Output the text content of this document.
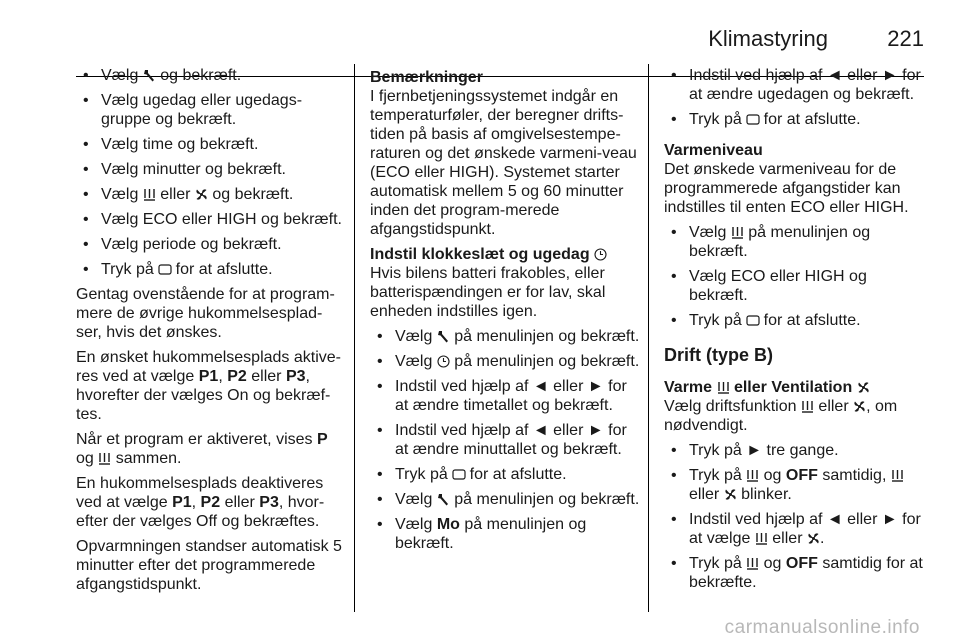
Klimastyring	221
• Vælg og bekræft.
• Vælg ugedag eller ugedags-gruppe og bekræft.
• Vælg time og bekræft.
• Vælg minutter og bekræft.
• Vælg eller og bekræft.
• Vælg ECO eller HIGH og bekræft.
• Vælg periode og bekræft.
• Tryk på for at afslutte.

Gentag ovenstående for at program-mere de øvrige hukommelsesplad-ser, hvis det ønskes.

En ønsket hukommelsesplads aktive-res ved at vælge P1, P2 eller P3, hvorefter der vælges On og bekræf-tes.

Når et program er aktiveret, vises P og sammen.

En hukommelsesplads deaktiveres ved at vælge P1, P2 eller P3, hvor-efter der vælges Off og bekræftes.

Opvarmningen standser automatisk 5 minutter efter det programmerede afgangstidspunkt.

Bemærkninger

I fjernbetjeningssystemet indgår en temperaturføler, der beregner drifts-tiden på basis af omgivelsestempe-raturen og det ønskede varmeni-veau (ECO eller HIGH). Systemet starter automatisk mellem 5 og 60 minutter inden det program-merede afgangstidspunkt.

Indstil klokkeslæt og ugedag

Hvis bilens batteri frakobles, eller batterispændingen er for lav, skal enheden indstilles igen.

• Vælg på menulinjen og bekræft.
• Vælg på menulinjen og bekræft.
• Indstil ved hjælp af ◄ eller ► for at ændre timetallet og bekræft.
• Indstil ved hjælp af ◄ eller ► for at ændre minuttallet og bekræft.
• Tryk på for at afslutte.
• Vælg på menulinjen og bekræft.
• Vælg Mo på menulinjen og bekræft.
• Indstil ved hjælp af ◄ eller ► for at ændre ugedagen og bekræft.
• Tryk på for at afslutte.
Varmeniveau

Det ønskede varmeniveau for de programmerede afgangstider kan indstilles til enten ECO eller HIGH.

• Vælg på menulinjen og bekræft.
• Vælg ECO eller HIGH og bekræft.
• Tryk på for at afslutte.
Drift (type B)
Varme eller Ventilation

Vælg driftsfunktion eller , om nødvendigt.

• Tryk på ► tre gange.
• Tryk på og OFF samtidig,
eller blinker.
• Indstil ved hjælp af ◄ eller ► for at vælge eller .
• Tryk på og OFF samtidig for at bekræfte.
carmanualsonline.info
